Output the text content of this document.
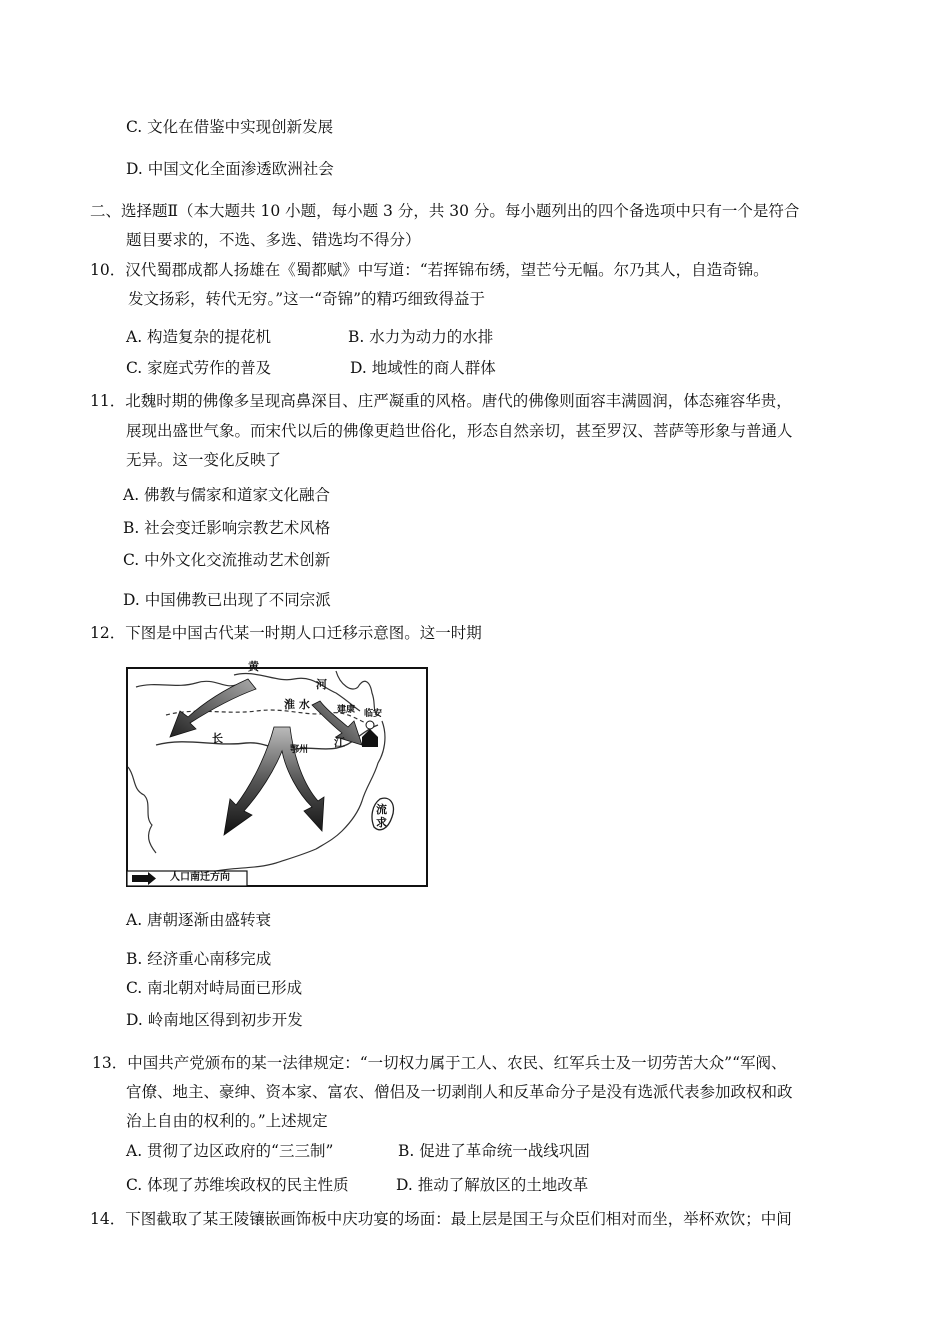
C. 文化在借鉴中实现创新发展
D. 中国文化全面渗透欧洲社会
二、选择题Ⅱ（本大题共 10 小题，每小题 3 分，共 30 分。每小题列出的四个备选项中只有一个是符合
题目要求的，不选、多选、错选均不得分）
10．汉代蜀郡成都人扬雄在《蜀都赋》中写道：“若挥锦布绣，望芒兮无幅。尔乃其人，自造奇锦。
发文扬彩，转代无穷。”这一“奇锦”的精巧细致得益于
A. 构造复杂的提花机	B. 水力为动力的水排
C. 家庭式劳作的普及	D. 地域性的商人群体
11．北魏时期的佛像多呈现高鼻深目、庄严凝重的风格。唐代的佛像则面容丰满圆润，体态雍容华贵，
展现出盛世气象。而宋代以后的佛像更趋世俗化，形态自然亲切，甚至罗汉、菩萨等形象与普通人
无异。这一变化反映了
A. 佛教与儒家和道家文化融合
B. 社会变迁影响宗教艺术风格
C. 中外文化交流推动艺术创新
D. 中国佛教已出现了不同宗派
12．下图是中国古代某一时期人口迁移示意图。这一时期
黄
河
淮 水	建康 临安
长	江
鄂州
流 求
人口南迁方向
A. 唐朝逐渐由盛转衰
B. 经济重心南移完成
C. 南北朝对峙局面已形成
D. 岭南地区得到初步开发
13．中国共产党颁布的某一法律规定：“一切权力属于工人、农民、红军兵士及一切劳苦大众”“军阀、
官僚、地主、豪绅、资本家、富农、僧侣及一切剥削人和反革命分子是没有选派代表参加政权和政
治上自由的权利的。”上述规定
A. 贯彻了边区政府的“三三制”	B. 促进了革命统一战线巩固
C. 体现了苏维埃政权的民主性质	D. 推动了解放区的土地改革
14．下图截取了某王陵镶嵌画饰板中庆功宴的场面：最上层是国王与众臣们相对而坐，举杯欢饮；中间
